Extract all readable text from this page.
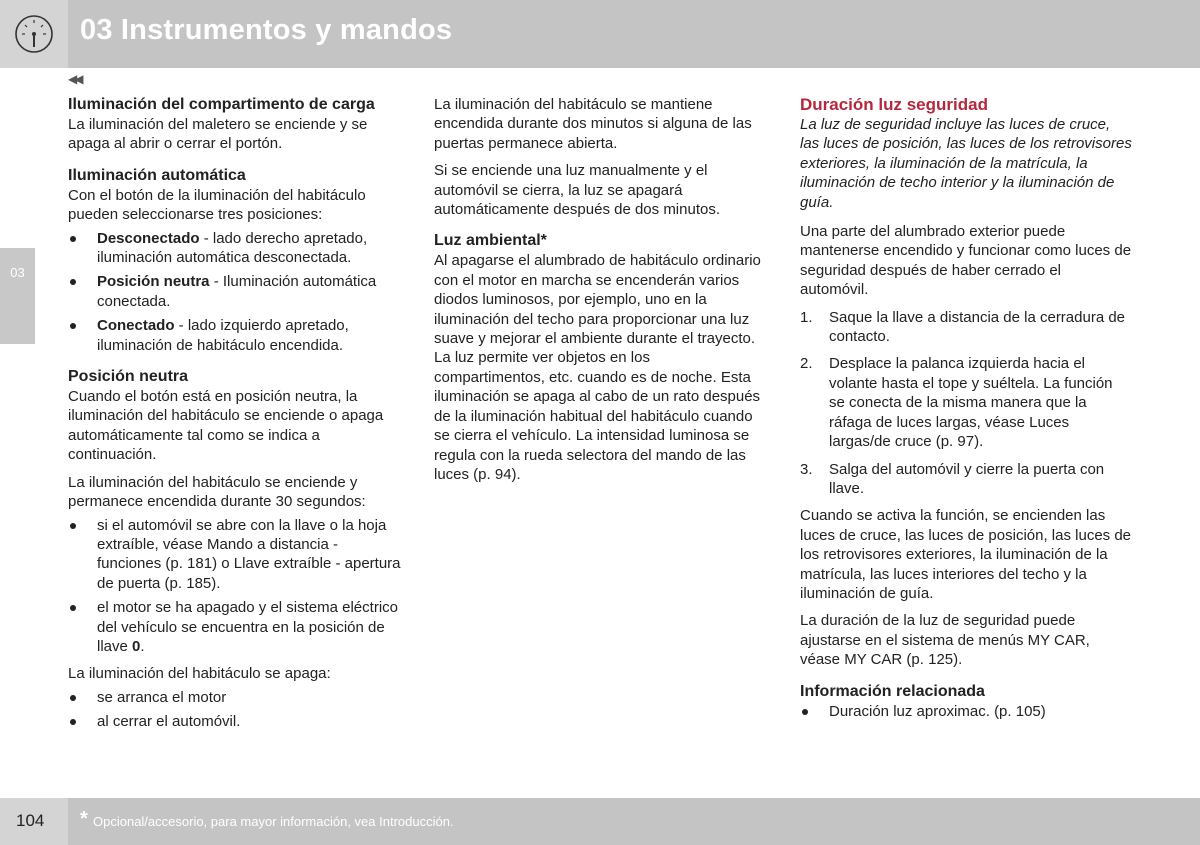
03 Instrumentos y mandos
03
◀◀
Iluminación del compartimento de carga

La iluminación del maletero se enciende y se apaga al abrir o cerrar el portón.

Iluminación automática

Con el botón de la iluminación del habitáculo pueden seleccionarse tres posiciones:

Desconectado - lado derecho apretado, iluminación automática desconectada.
Posición neutra - Iluminación automática conectada.
Conectado - lado izquierdo apretado, iluminación de habitáculo encendida.
Posición neutra

Cuando el botón está en posición neutra, la iluminación del habitáculo se enciende o apaga automáticamente tal como se indica a continuación.

La iluminación del habitáculo se enciende y permanece encendida durante 30 segundos:

si el automóvil se abre con la llave o la hoja extraíble, véase Mando a distancia - funciones (p. 181) o Llave extraíble - apertura de puerta (p. 185).
el motor se ha apagado y el sistema eléctrico del vehículo se encuentra en la posición de llave 0.

La iluminación del habitáculo se apaga:

se arranca el motor
al cerrar el automóvil.

La iluminación del habitáculo se mantiene encendida durante dos minutos si alguna de las puertas permanece abierta.

Si se enciende una luz manualmente y el automóvil se cierra, la luz se apagará automáticamente después de dos minutos.

Luz ambiental*

Al apagarse el alumbrado de habitáculo ordinario con el motor en marcha se encenderán varios diodos luminosos, por ejemplo, uno en la iluminación del techo para proporcionar una luz suave y mejorar el ambiente durante el trayecto. La luz permite ver objetos en los compartimentos, etc. cuando es de noche. Esta iluminación se apaga al cabo de un rato después de la iluminación habitual del habitáculo cuando se cierra el vehículo. La intensidad luminosa se regula con la rueda selectora del mando de las luces (p. 94).

Duración luz seguridad

La luz de seguridad incluye las luces de cruce, las luces de posición, las luces de los retrovisores exteriores, la iluminación de la matrícula, la iluminación de techo interior y la iluminación de guía.

Una parte del alumbrado exterior puede mantenerse encendido y funcionar como luces de seguridad después de haber cerrado el automóvil.

1. Saque la llave a distancia de la cerradura de contacto.
2. Desplace la palanca izquierda hacia el volante hasta el tope y suéltela. La función se conecta de la misma manera que la ráfaga de luces largas, véase Luces largas/de cruce (p. 97).
3. Salga del automóvil y cierre la puerta con llave.

Cuando se activa la función, se encienden las luces de cruce, las luces de posición, las luces de los retrovisores exteriores, la iluminación de la matrícula, las luces interiores del techo y la iluminación de guía.

La duración de la luz de seguridad puede ajustarse en el sistema de menús MY CAR, véase MY CAR (p. 125).

Información relacionada
Duración luz aproximac. (p. 105)
104 * Opcional/accesorio, para mayor información, vea Introducción.
